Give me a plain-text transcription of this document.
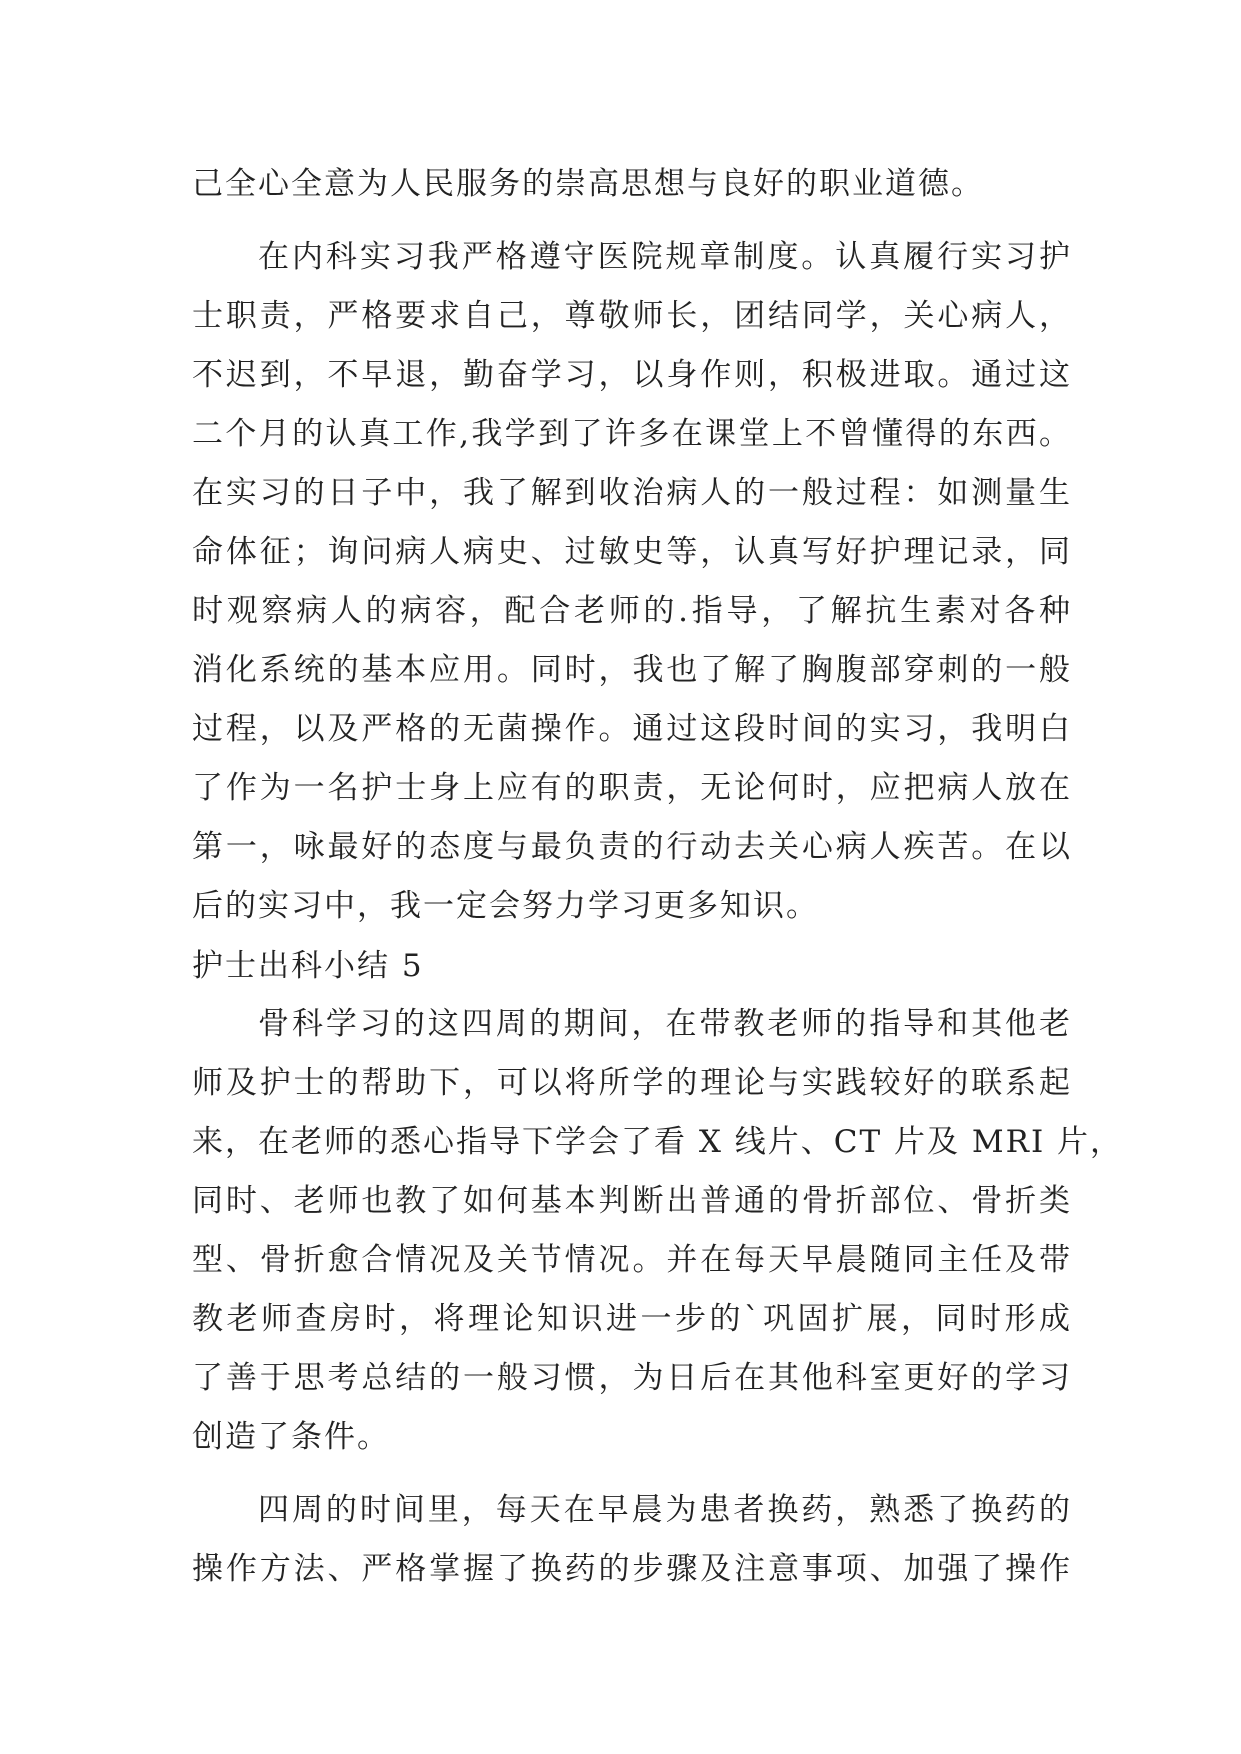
己全心全意为人民服务的崇高思想与良好的职业道德。
在内科实习我严格遵守医院规章制度。认真履行实习护
士职责，严格要求自己，尊敬师长，团结同学，关心病人，
不迟到，不早退，勤奋学习，以身作则，积极进取。通过这
二个月的认真工作,我学到了许多在课堂上不曾懂得的东西。
在实习的日子中，我了解到收治病人的一般过程：如测量生
命体征；询问病人病史、过敏史等，认真写好护理记录，同
时观察病人的病容，配合老师的.指导，了解抗生素对各种
消化系统的基本应用。同时，我也了解了胸腹部穿刺的一般
过程，以及严格的无菌操作。通过这段时间的实习，我明白
了作为一名护士身上应有的职责，无论何时，应把病人放在
第一，咏最好的态度与最负责的行动去关心病人疾苦。在以
后的实习中，我一定会努力学习更多知识。
护士出科小结 5
骨科学习的这四周的期间，在带教老师的指导和其他老
师及护士的帮助下，可以将所学的理论与实践较好的联系起
来，在老师的悉心指导下学会了看 X 线片、CT 片及 MRI 片，
同时、老师也教了如何基本判断出普通的骨折部位、骨折类
型、骨折愈合情况及关节情况。并在每天早晨随同主任及带
教老师查房时，将理论知识进一步的`巩固扩展，同时形成
了善于思考总结的一般习惯，为日后在其他科室更好的学习
创造了条件。
四周的时间里，每天在早晨为患者换药，熟悉了换药的
操作方法、严格掌握了换药的步骤及注意事项、加强了操作
